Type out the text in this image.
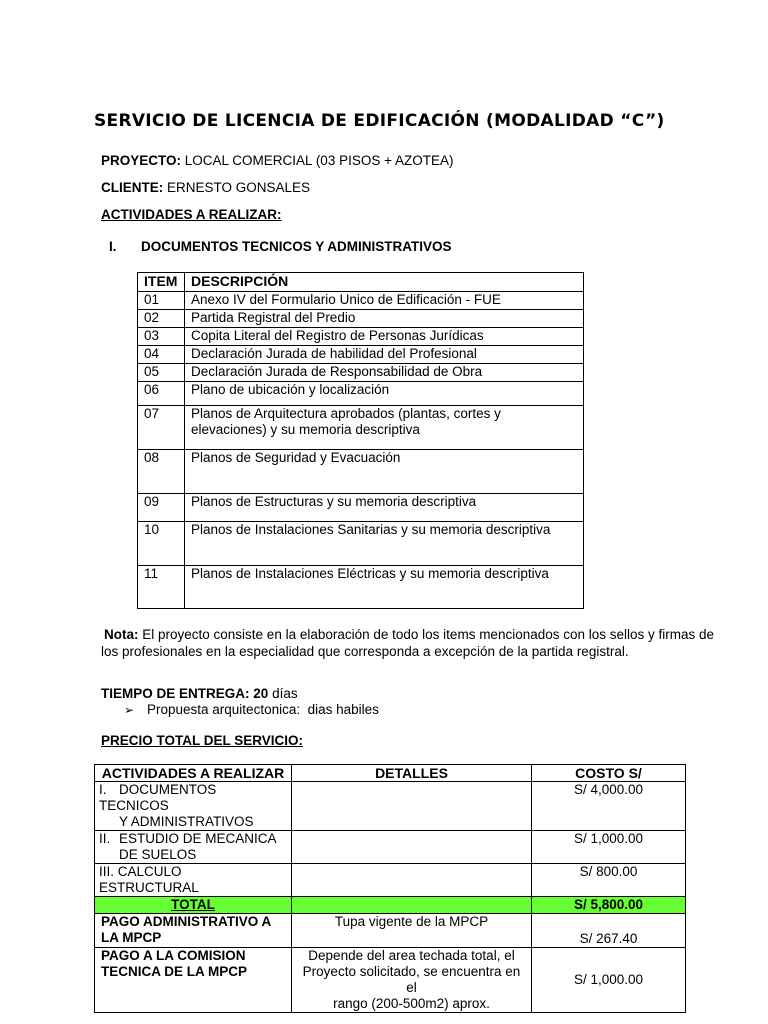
SERVICIO DE LICENCIA DE EDIFICACIÓN (MODALIDAD “C”)
PROYECTO: LOCAL COMERCIAL (03 PISOS + AZOTEA)
CLIENTE: ERNESTO GONSALES
ACTIVIDADES A REALIZAR:
I. DOCUMENTOS TECNICOS Y ADMINISTRATIVOS
ITEM	DESCRIPCIÓN
01	Anexo IV del Formulario Unico de Edificación - FUE
02	Partida Registral del Predio
03	Copita Literal del Registro de Personas Jurídicas
04	Declaración Jurada de habilidad del Profesional
05	Declaración Jurada de Responsabilidad de Obra
06	Plano de ubicación y localización
07	Planos de Arquitectura aprobados (plantas, cortes y elevaciones) y su memoria descriptiva
08	Planos de Seguridad y Evacuación
09	Planos de Estructuras y su memoria descriptiva
10	Planos de Instalaciones Sanitarias y su memoria descriptiva
11	Planos de Instalaciones Eléctricas y su memoria descriptiva
Nota: El proyecto consiste en la elaboración de todo los items mencionados con los sellos y firmas de
los profesionales en la especialidad que corresponda a excepción de la partida registral.
TIEMPO DE ENTREGA: 20 días
➢ Propuesta arquitectonica:  dias habiles
PRECIO TOTAL DEL SERVICIO:
ACTIVIDADES A REALIZAR	DETALLES	COSTO S/
I. DOCUMENTOS TECNICOS
Y ADMINISTRATIVOS		S/ 4,000.00
II. ESTUDIO DE MECANICA
DE SUELOS		S/ 1,000.00
III. CALCULO ESTRUCTURAL		S/ 800.00
TOTAL		S/ 5,800.00
PAGO ADMINISTRATIVO A
LA MPCP	Tupa vigente de la MPCP	S/ 267.40
PAGO A LA COMISION
TECNICA DE LA MPCP	Depende del area techada total, el
Proyecto solicitado, se encuentra en el
rango (200-500m2) aprox.	S/ 1,000.00
